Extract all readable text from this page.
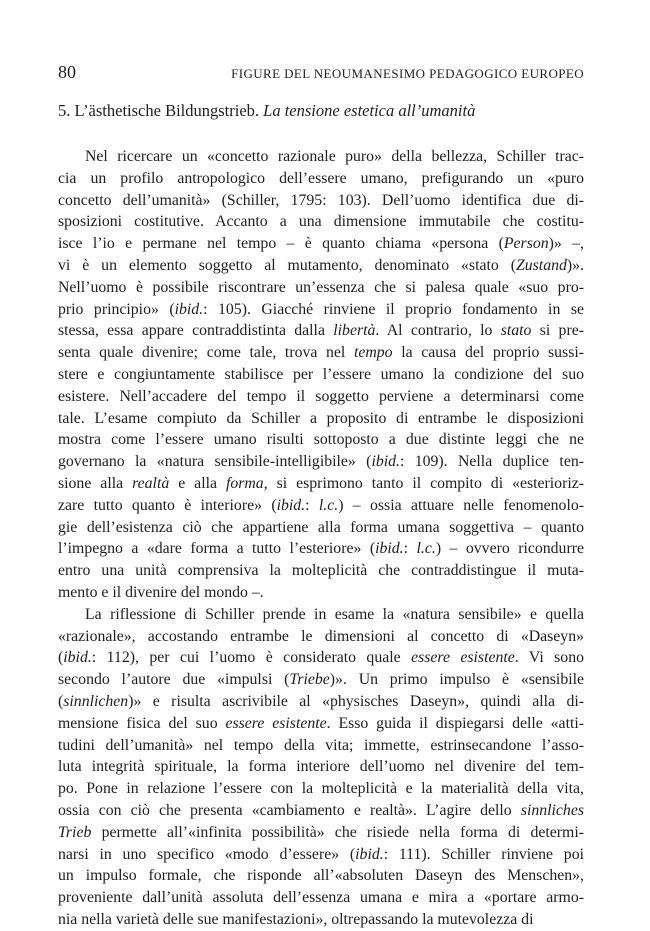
80	FIGURE DEL NEOUMANESIMO PEDAGOGICO EUROPEO
5. L’ästhetische Bildungstrieb. La tensione estetica all’umanità
Nel ricercare un «concetto razionale puro» della bellezza, Schiller trac-
cia un profilo antropologico dell’essere umano, prefigurando un «puro
concetto dell’umanità» (Schiller, 1795: 103). Dell’uomo identifica due di-
sposizioni costitutive. Accanto a una dimensione immutabile che costitu-
isce l’io e permane nel tempo – è quanto chiama «persona (Person)» –,
vi è un elemento soggetto al mutamento, denominato «stato (Zustand)».
Nell’uomo è possibile riscontrare un’essenza che si palesa quale «suo pro-
prio principio» (ibid.: 105). Giacché rinviene il proprio fondamento in se
stessa, essa appare contraddistinta dalla libertà. Al contrario, lo stato si pre-
senta quale divenire; come tale, trova nel tempo la causa del proprio sussi-
stere e congiuntamente stabilisce per l’essere umano la condizione del suo
esistere. Nell’accadere del tempo il soggetto perviene a determinarsi come
tale. L’esame compiuto da Schiller a proposito di entrambe le disposizioni
mostra come l’essere umano risulti sottoposto a due distinte leggi che ne
governano la «natura sensibile-intelligibile» (ibid.: 109). Nella duplice ten-
sione alla realtà e alla forma, si esprimono tanto il compito di «esterioriz-
zare tutto quanto è interiore» (ibid.: l.c.) – ossia attuare nelle fenomenolo-
gie dell’esistenza ciò che appartiene alla forma umana soggettiva – quanto
l’impegno a «dare forma a tutto l’esteriore» (ibid.: l.c.) – ovvero ricondurre
entro una unità comprensiva la molteplicità che contraddistingue il muta-
mento e il divenire del mondo –.
La riflessione di Schiller prende in esame la «natura sensibile» e quella
«razionale», accostando entrambe le dimensioni al concetto di «Daseyn»
(ibid.: 112), per cui l’uomo è considerato quale essere esistente. Vi sono
secondo l’autore due «impulsi (Triebe)». Un primo impulso è «sensibile
(sinnlichen)» e risulta ascrivibile al «physisches Daseyn», quindi alla di-
mensione fisica del suo essere esistente. Esso guida il dispiegarsi delle «atti-
tudini dell’umanità» nel tempo della vita; immette, estrinsecandone l’asso-
luta integrità spirituale, la forma interiore dell’uomo nel divenire del tem-
po. Pone in relazione l’essere con la molteplicità e la materialità della vita,
ossia con ciò che presenta «cambiamento e realtà». L’agire dello sinnliches
Trieb permette all’«infinita possibilità» che risiede nella forma di determi-
narsi in uno specifico «modo d’essere» (ibid.: 111). Schiller rinviene poi
un impulso formale, che risponde all’«absoluten Daseyn des Menschen»,
proveniente dall’unità assoluta dell’essenza umana e mira a «portare armo-
nia nella varietà delle sue manifestazioni», oltrepassando la mutevolezza di
